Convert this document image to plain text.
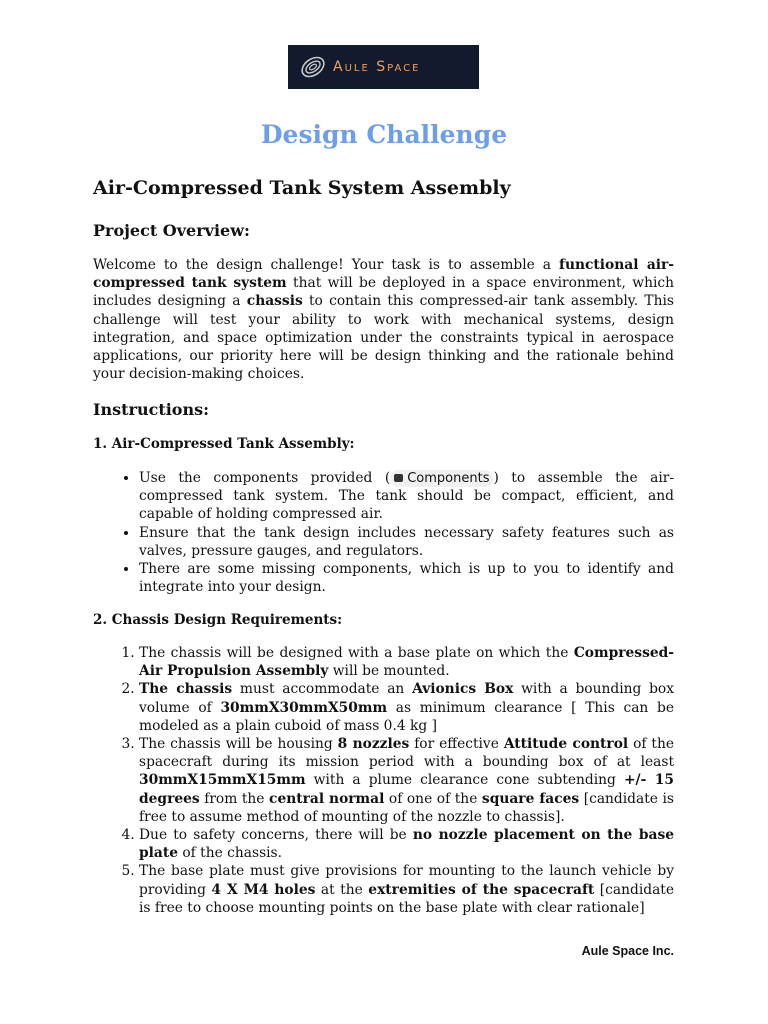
Aule Space
Design Challenge
Air-Compressed Tank System Assembly
Project Overview:

Welcome to the design challenge! Your task is to assemble a functional air-compressed tank system that will be deployed in a space environment, which includes designing a chassis to contain this compressed-air tank assembly. This challenge will test your ability to work with mechanical systems, design integration, and space optimization under the constraints typical in aerospace applications, our priority here will be design thinking and the rationale behind your decision-making choices.

Instructions:
1. Air-Compressed Tank Assembly:
• Use the components provided ( Components ) to assemble the air-compressed tank system. The tank should be compact, efficient, and capable of holding compressed air.
• Ensure that the tank design includes necessary safety features such as valves, pressure gauges, and regulators.
• There are some missing components, which is up to you to identify and integrate into your design.
2. Chassis Design Requirements:
1. The chassis will be designed with a base plate on which the Compressed-Air Propulsion Assembly will be mounted.
2. The chassis must accommodate an Avionics Box with a bounding box volume of 30mmX30mmX50mm as minimum clearance [ This can be modeled as a plain cuboid of mass 0.4 kg ]
3. The chassis will be housing 8 nozzles for effective Attitude control of the spacecraft during its mission period with a bounding box of at least 30mmX15mmX15mm with a plume clearance cone subtending +/- 15 degrees from the central normal of one of the square faces [candidate is free to assume method of mounting of the nozzle to chassis].
4. Due to safety concerns, there will be no nozzle placement on the base plate of the chassis.
5. The base plate must give provisions for mounting to the launch vehicle by providing 4 X M4 holes at the extremities of the spacecraft [candidate is free to choose mounting points on the base plate with clear rationale]
Aule Space Inc.
